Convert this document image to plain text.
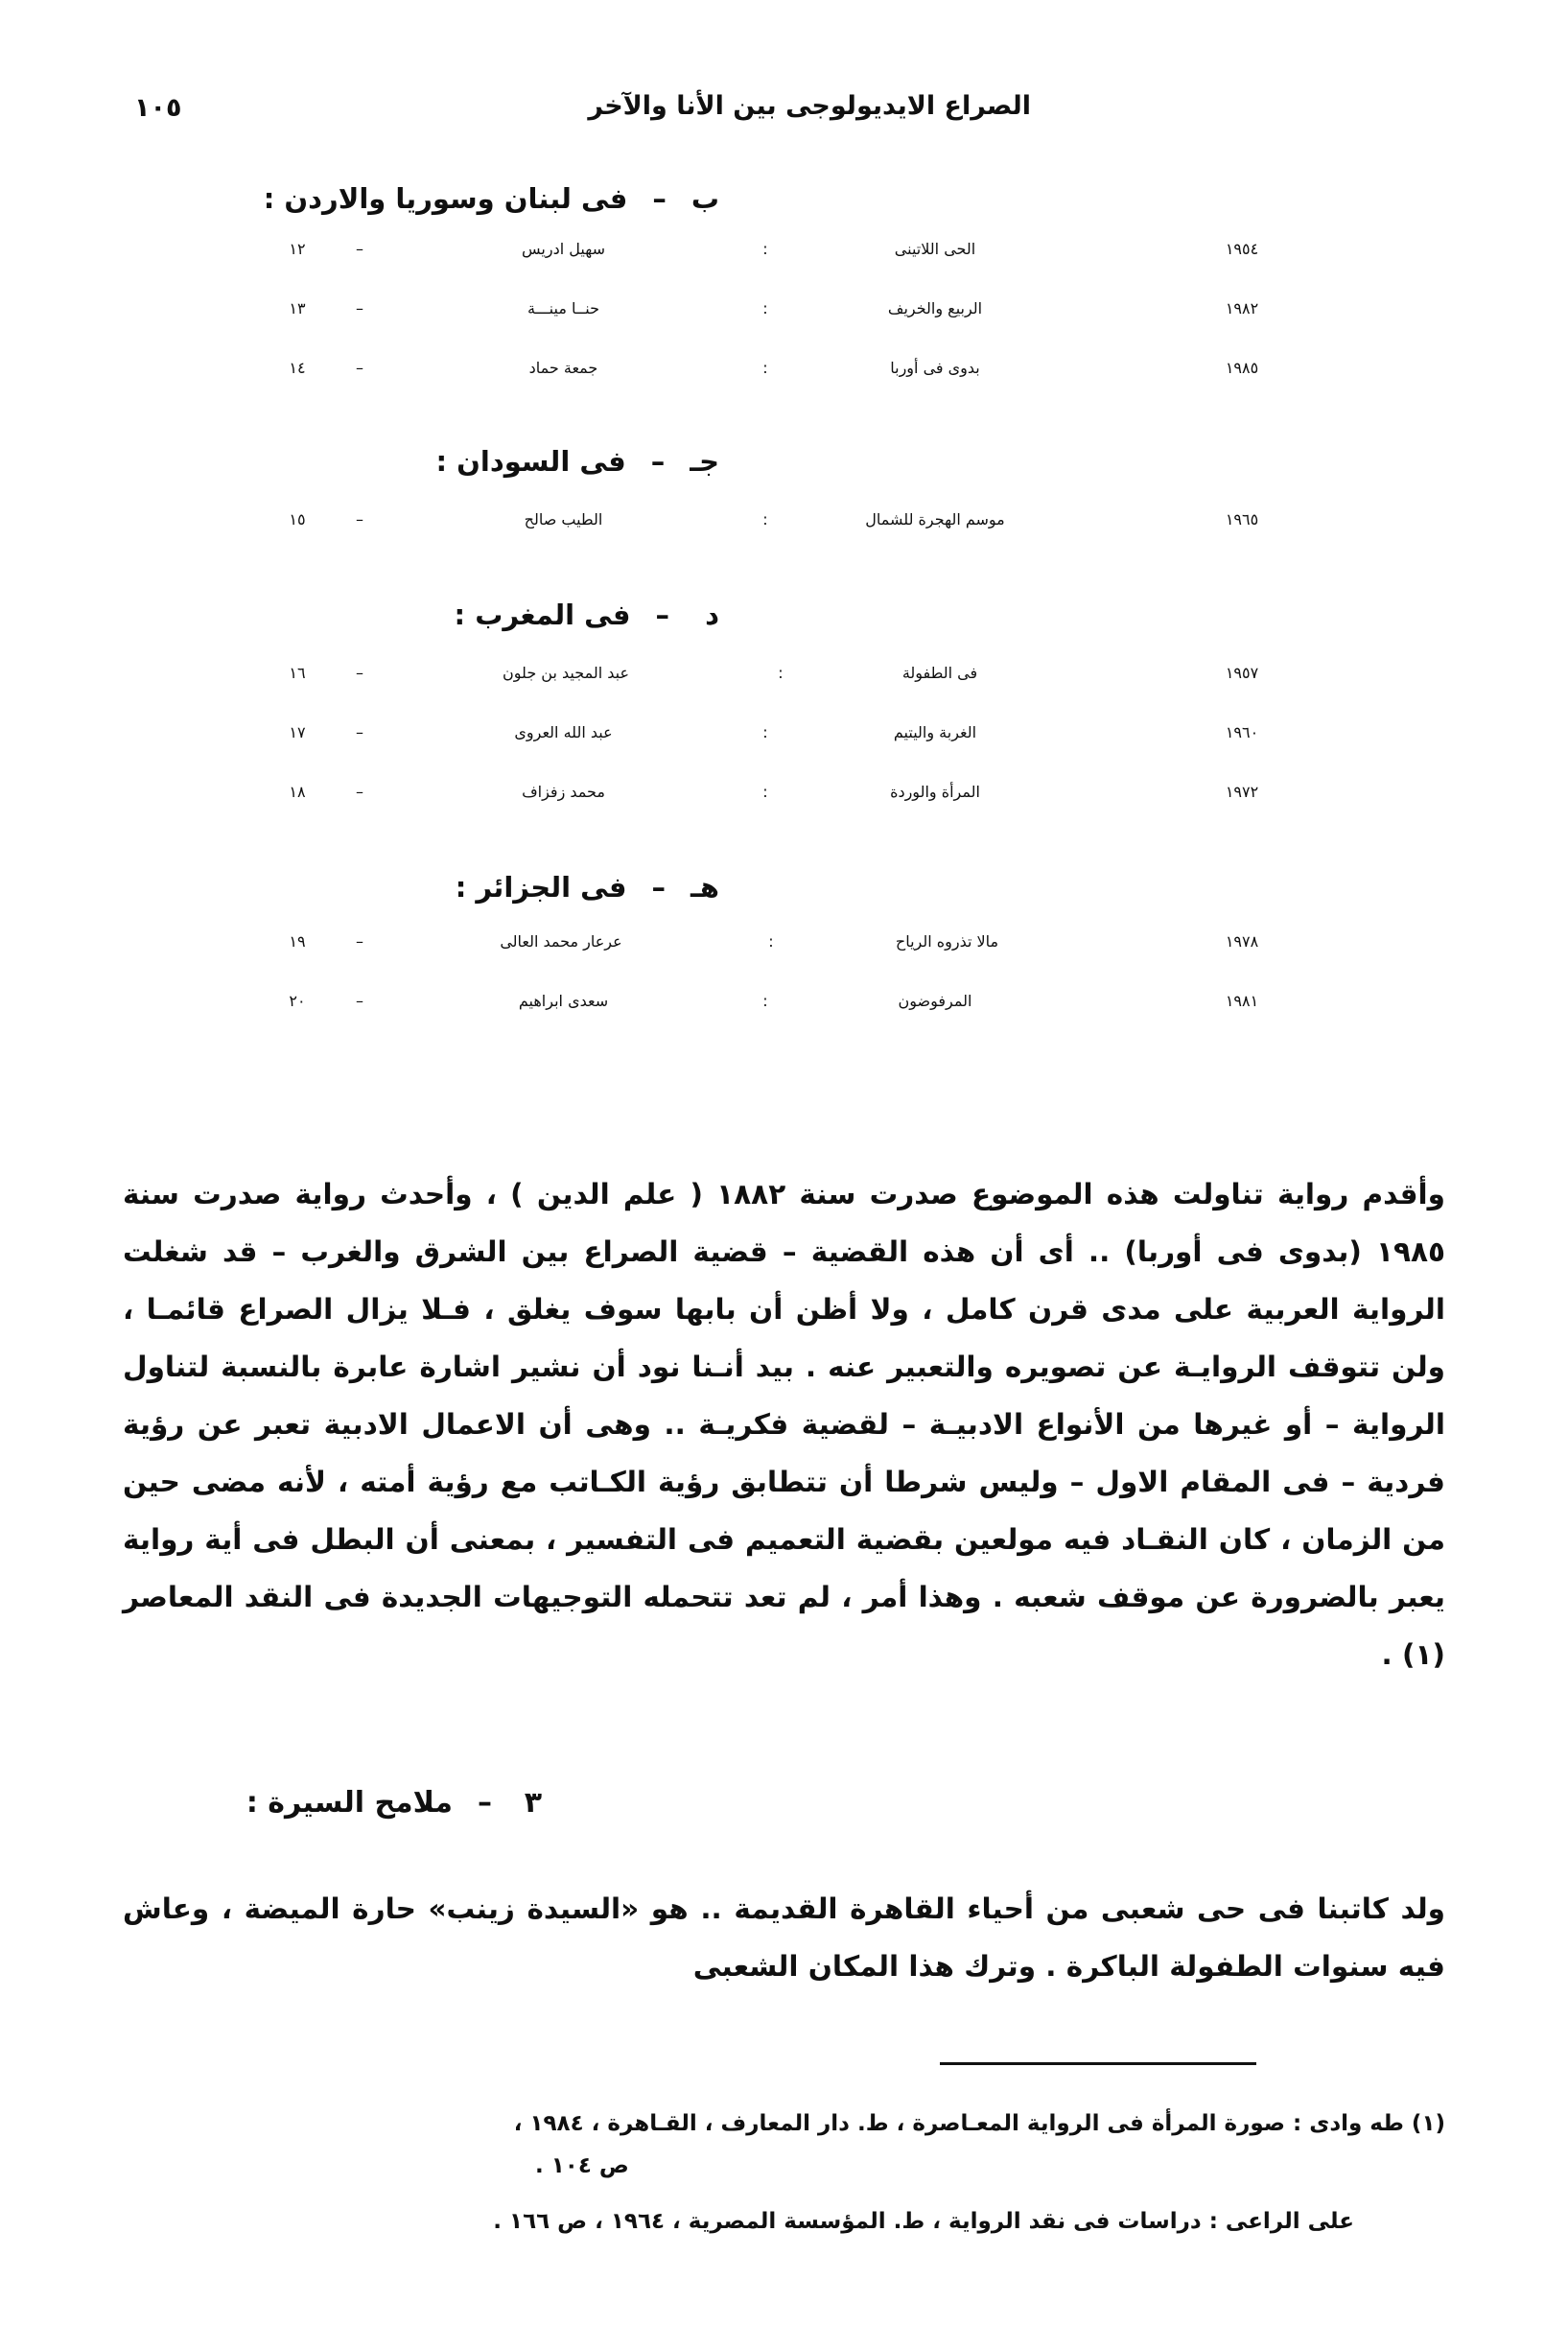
الصراع الايديولوجى بين الأنا والآخر
١٠٥
ب
–
فى لبنان وسوريا والاردن :
١٢	–	سهيل ادريس	:	الحى اللاتينى	١٩٥٤
١٣	–	حنــا مينـــة	:	الربيع والخريف	١٩٨٢
١٤	–	جمعة حماد	:	بدوى فى أوربا	١٩٨٥
جـ
–
فى السودان :
١٥	–	الطيب صالح	:	موسم الهجرة للشمال	١٩٦٥
د
–
فى المغرب :
١٦	–	عبد المجيد بن جلون	:	فى الطفولة	١٩٥٧
١٧	–	عبد الله العروى	:	الغربة واليتيم	١٩٦٠
١٨	–	محمد زفزاف	:	المرأة والوردة	١٩٧٢
هـ
–
فى الجزائر :
١٩	–	عرعار محمد العالى	:	مالا تذروه الرياح	١٩٧٨
٢٠	–	سعدى ابراهيم	:	المرفوضون	١٩٨١

وأقدم رواية تناولت هذه الموضوع صدرت سنة ١٨٨٢ ( علم الدين ) ، وأحدث رواية صدرت سنة ١٩٨٥ (بدوى فى أوربا) .. أى أن هذه القضية – قضية الصراع بين الشرق والغرب – قد شغلت الرواية العربية على مدى قرن كامل ، ولا أظن أن بابها سوف يغلق ، فـلا يزال الصراع قائمـا ، ولن تتوقف الروايـة عن تصويره والتعبير عنه . بيد أنـنا نود أن نشير اشارة عابرة بالنسبة لتناول الرواية – أو غيرها من الأنواع الادبيـة – لقضية فكريـة .. وهى أن الاعمال الادبية تعبر عن رؤية فردية – فى المقام الاول – وليس شرطا أن تتطابق رؤية الكـاتب مع رؤية أمته ، لأنه مضى حين من الزمان ، كان النقـاد فيه مولعين بقضية التعميم فى التفسير ، بمعنى أن البطل فى أية رواية يعبر بالضرورة عن موقف شعبه . وهذا أمر ، لم تعد تتحمله التوجيهات الجديدة فى النقد المعاصر (١) .

٣
–
ملامح السيرة :

ولد كاتبنا فى حى شعبى من أحياء القاهرة القديمة .. هو «السيدة زينب» حارة الميضة ، وعاش فيه سنوات الطفولة الباكرة . وترك هذا المكان الشعبى

(١) طه وادى : صورة المرأة فى الرواية المعـاصرة ، ط. دار المعارف ، القـاهرة ، ١٩٨٤ ،
ص ١٠٤ .

على الراعى : دراسات فى نقد الرواية ، ط. المؤسسة المصرية ، ١٩٦٤ ، ص ١٦٦ .
